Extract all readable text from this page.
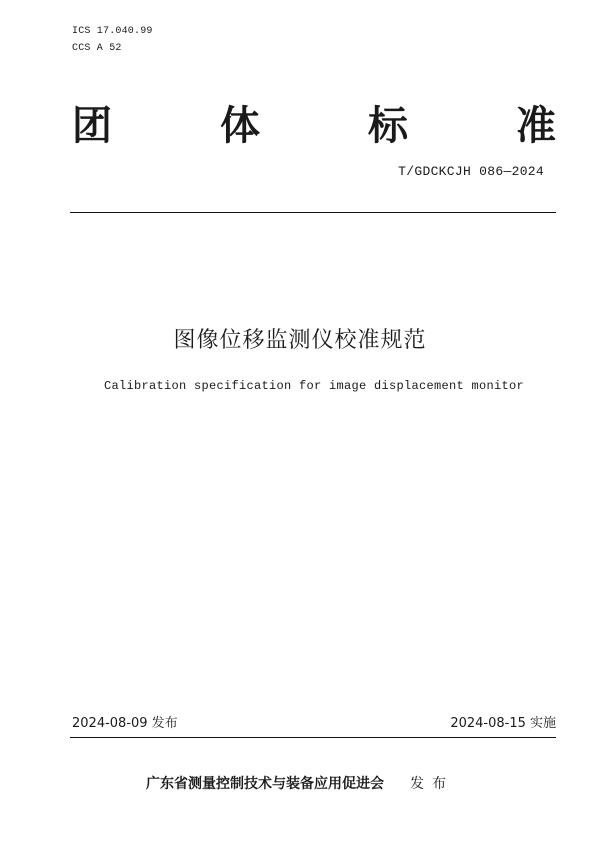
ICS 17.040.99
CCS A 52
团	体	标	准
T/GDCKCJH 086—2024
图像位移监测仪校准规范
Calibration specification for image displacement monitor
2024-08-09 发布	2024-08-15 实施
广东省测量控制技术与装备应用促进会 发布
